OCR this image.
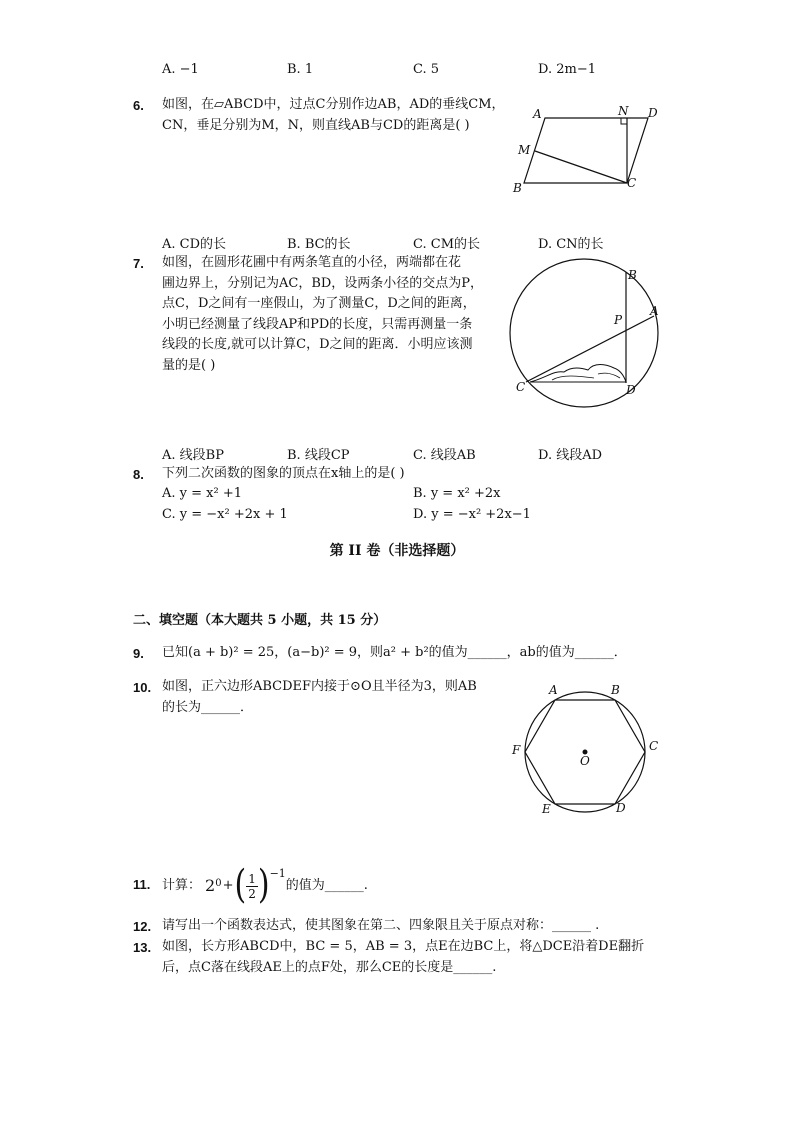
A. −1	B. 1	C. 5	D. 2m−1
6. 如图，在▱ABCD中，过点C分别作边AB，AD的垂线CM，
CN，垂足分别为M，N，则直线AB与CD的距离是( )
A	N D
M
B	C
A. CD的长	B. BC的长	C. CM的长	D. CN的长
7. 如图，在圆形花圃中有两条笔直的小径，两端都在花
圃边界上，分别记为AC，BD，设两条小径的交点为P，
点C，D之间有一座假山，为了测量C，D之间的距离，
小明已经测量了线段AP和PD的长度，只需再测量一条
线段的长度,就可以计算C，D之间的距离．小明应该测
量的是( )
B
A
P
C	D
A. 线段BP	B. 线段CP	C. 线段AB	D. 线段AD
8. 下列二次函数的图象的顶点在x轴上的是( )
A. y = x² +1	B. y = x² +2x
C. y = −x² +2x + 1	D. y = −x² +2x−1
第 II 卷（非选择题）
二、填空题（本大题共 5 小题，共 15 分）
9. 已知(a + b)² = 25，(a−b)² = 9，则a² + b²的值为______，ab的值为______．
10. 如图，正六边形ABCDEF内接于⊙O且半径为3，则AB
的长为______．
A	B
C
D
E
F
O
11. 计算： $2^0$ + ( $\frac{1}{2} )^{-1}$
的值为______.
12. 请写出一个函数表达式，使其图象在第二、四象限且关于原点对称：______ .
13. 如图，长方形ABCD中，BC = 5，AB = 3，点E在边BC上，将△DCE沿着DE翻折
后，点C落在线段AE上的点F处，那么CE的长度是______.
